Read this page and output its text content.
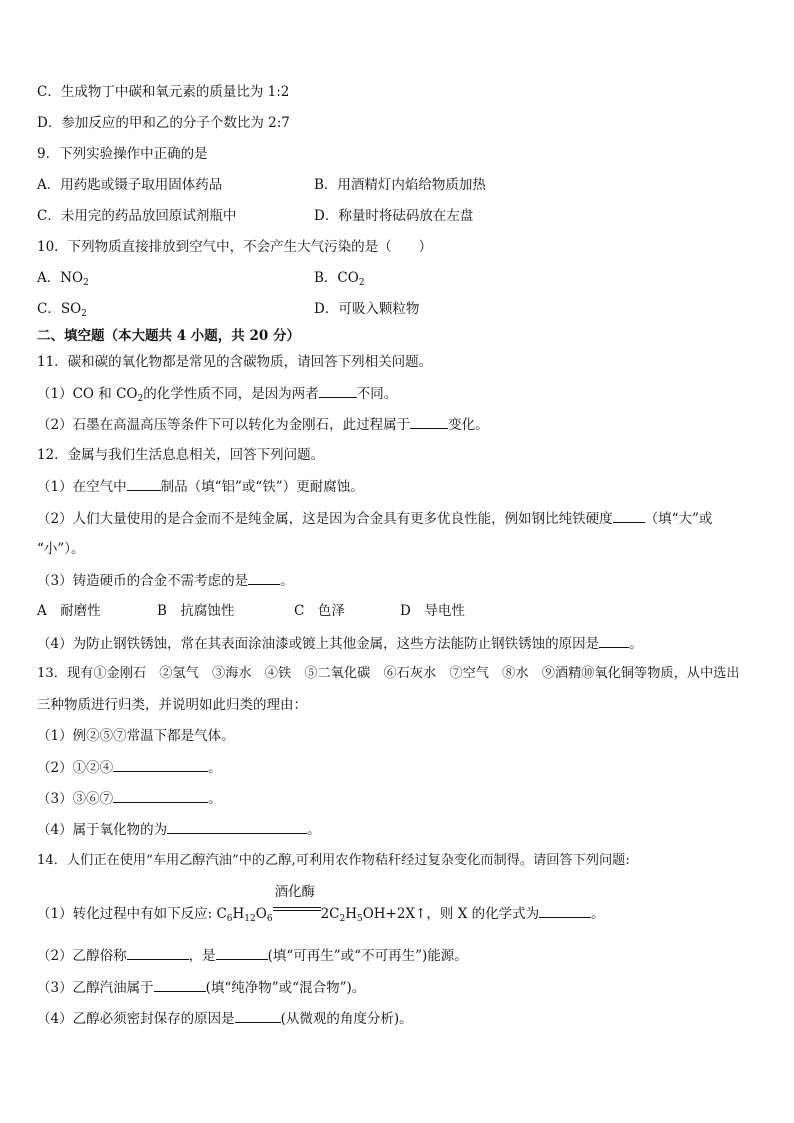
C．生成物丁中碳和氧元素的质量比为 1:2
D．参加反应的甲和乙的分子个数比为 2:7
9．下列实验操作中正确的是
A．用药匙或镊子取用固体药品	B．用酒精灯内焰给物质加热
C．未用完的药品放回原试剂瓶中	D．称量时将砝码放在左盘
10．下列物质直接排放到空气中，不会产生大气污染的是（　　）
A．$NO_2$	B．$CO_2$
C．$SO_2$	D．可吸入颗粒物
二、填空题（本大题共 4 小题，共 20 分）
11．碳和碳的氧化物都是常见的含碳物质，请回答下列相关问题。
（1）CO 和 $CO_2$的化学性质不同，是因为两者	不同。
（2）石墨在高温高压等条件下可以转化为金刚石，此过程属于	变化。
12．金属与我们生活息息相关，回答下列问题。
（1）在空气中	制品（填“铝”或“铁”）更耐腐蚀。
（2）人们大量使用的是合金而不是纯金属，这是因为合金具有更多优良性能，例如钢比纯铁硬度 （填“大”或
“小”）。
（3）铸造硬币的合金不需考虑的是 。
A　耐磨性	B　抗腐蚀性	C　色泽	D　导电性
（4）为防止钢铁锈蚀，常在其表面涂油漆或镀上其他金属，这些方法能防止钢铁锈蚀的原因是 。
13．现有①金刚石　②氢气　③海水　④铁　⑤二氧化碳　⑥石灰水　⑦空气　⑧水　⑨酒精⑩氧化铜等物质，从中选出
三种物质进行归类，并说明如此归类的理由：
（1）例②⑤⑦常温下都是气体。
（2）①②④	。
（3）③⑥⑦	。
（4）属于氧化物的为	。
14．人们正在使用“车用乙醇汽油”中的乙醇,可利用农作物秸秆经过复杂变化而制得。请回答下列问题:
（1）转化过程中有如下反应: $C_6H_{12}O_6$
酒化酶
$2C_2H_5OH+2X↑$，则 X 的化学式为	。
（2）乙醇俗称	，是	(填“可再生”或“不可再生”)能源。
（3）乙醇汽油属于	(填“纯净物”或“混合物”)。
（4）乙醇必须密封保存的原因是	(从微观的角度分析)。
